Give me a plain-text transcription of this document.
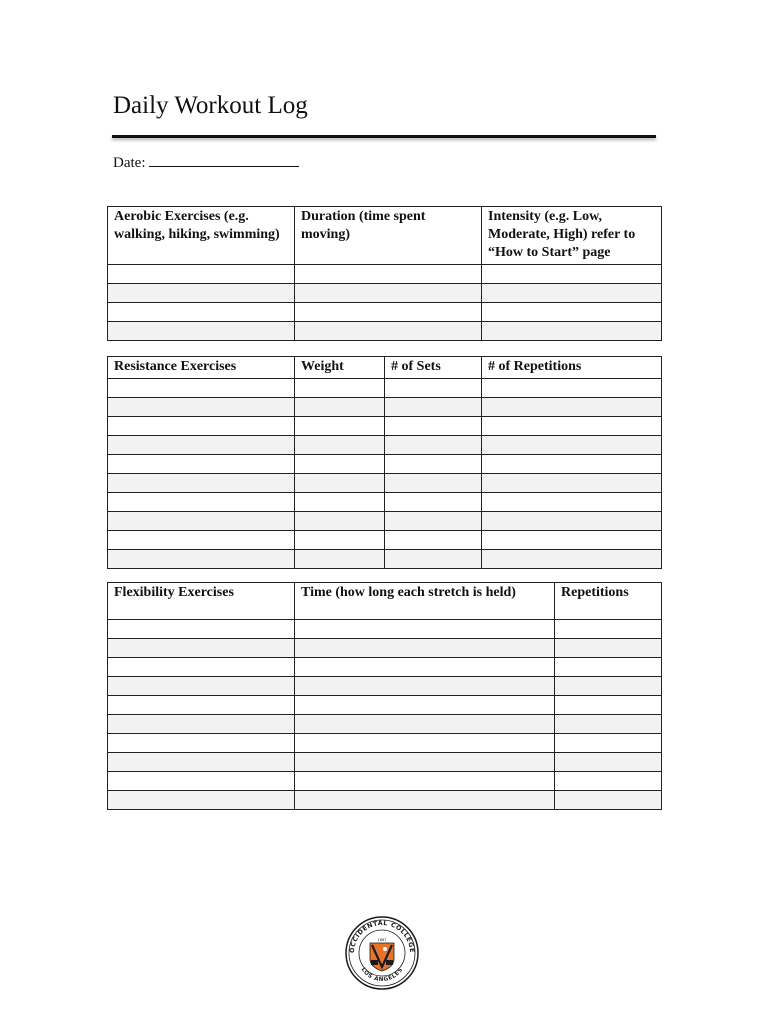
Daily Workout Log
Date:
Aerobic Exercises (e.g. walking, hiking, swimming)	Duration (time spent moving)	Intensity (e.g. Low, Moderate, High) refer to “How to Start” page

Resistance Exercises	Weight	# of Sets	# of Repetitions

Flexibility Exercises	Time (how long each stretch is held)	Repetitions

OCCIDENTAL COLLEGE
LOS ANGELES
1887
